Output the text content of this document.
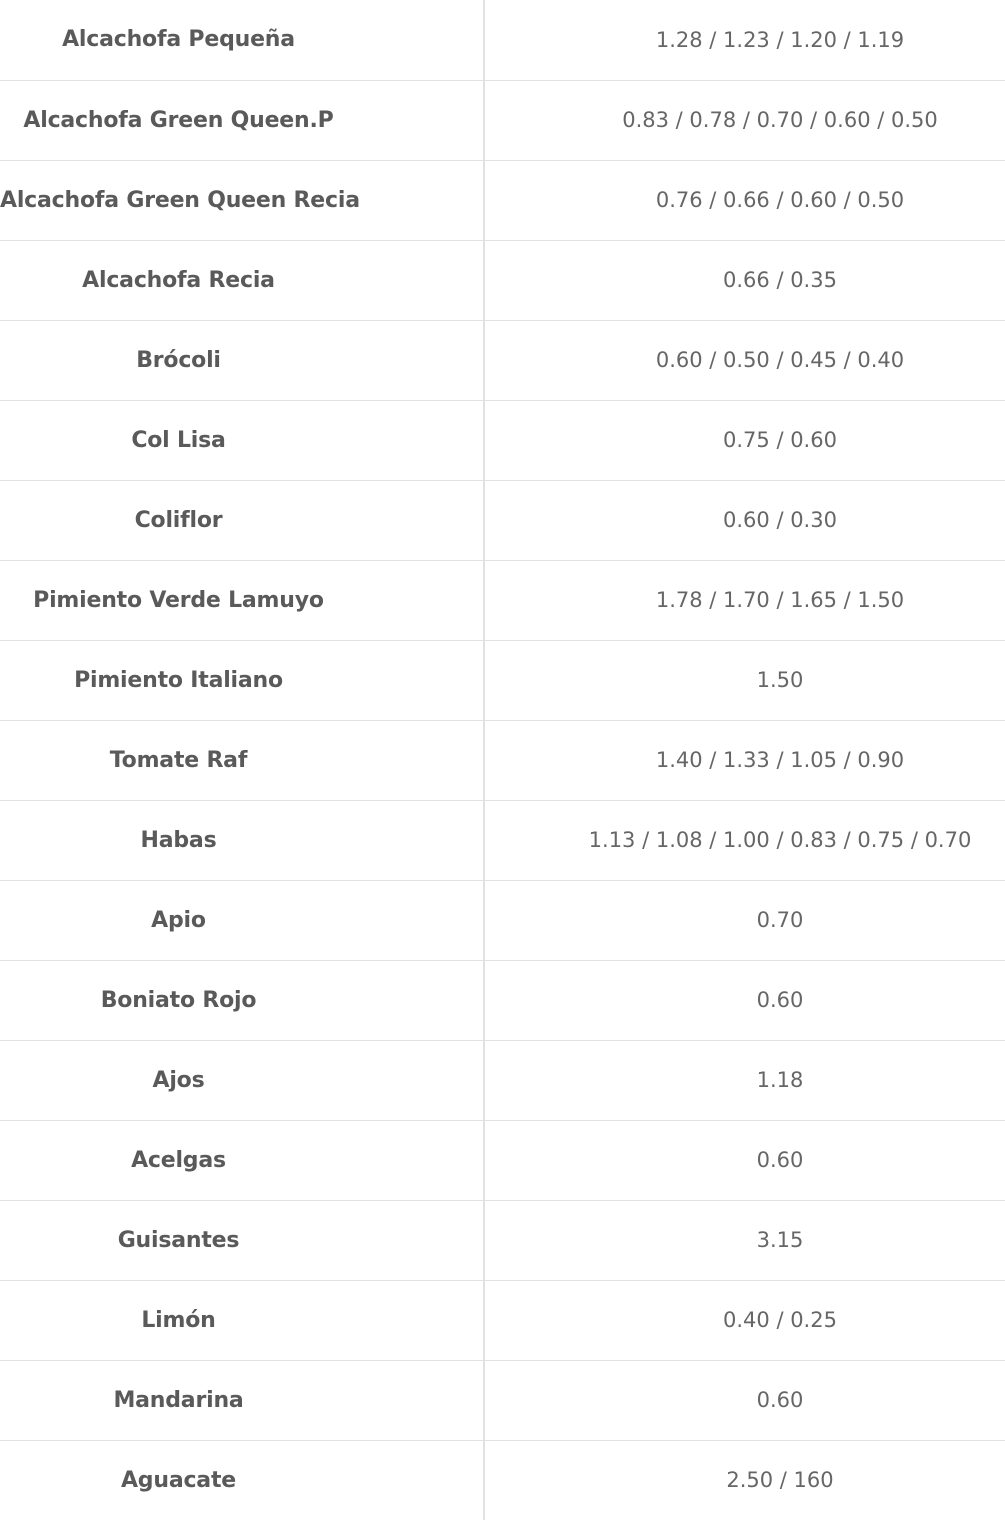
Alcachofa Pequeña	1.28 / 1.23 / 1.20 / 1.19
Alcachofa Green Queen.P	0.83 / 0.78 / 0.70 / 0.60 / 0.50
Alcachofa Green Queen Recia	0.76 / 0.66 / 0.60 / 0.50
Alcachofa Recia	0.66 / 0.35
Brócoli	0.60 / 0.50 / 0.45 / 0.40
Col Lisa	0.75 / 0.60
Coliflor	0.60 / 0.30
Pimiento Verde Lamuyo	1.78 / 1.70 / 1.65 / 1.50
Pimiento Italiano	1.50
Tomate Raf	1.40 / 1.33 / 1.05 / 0.90
Habas	1.13 / 1.08 / 1.00 / 0.83 / 0.75 / 0.70
Apio	0.70
Boniato Rojo	0.60
Ajos	1.18
Acelgas	0.60
Guisantes	3.15
Limón	0.40 / 0.25
Mandarina	0.60
Aguacate	2.50 / 160
